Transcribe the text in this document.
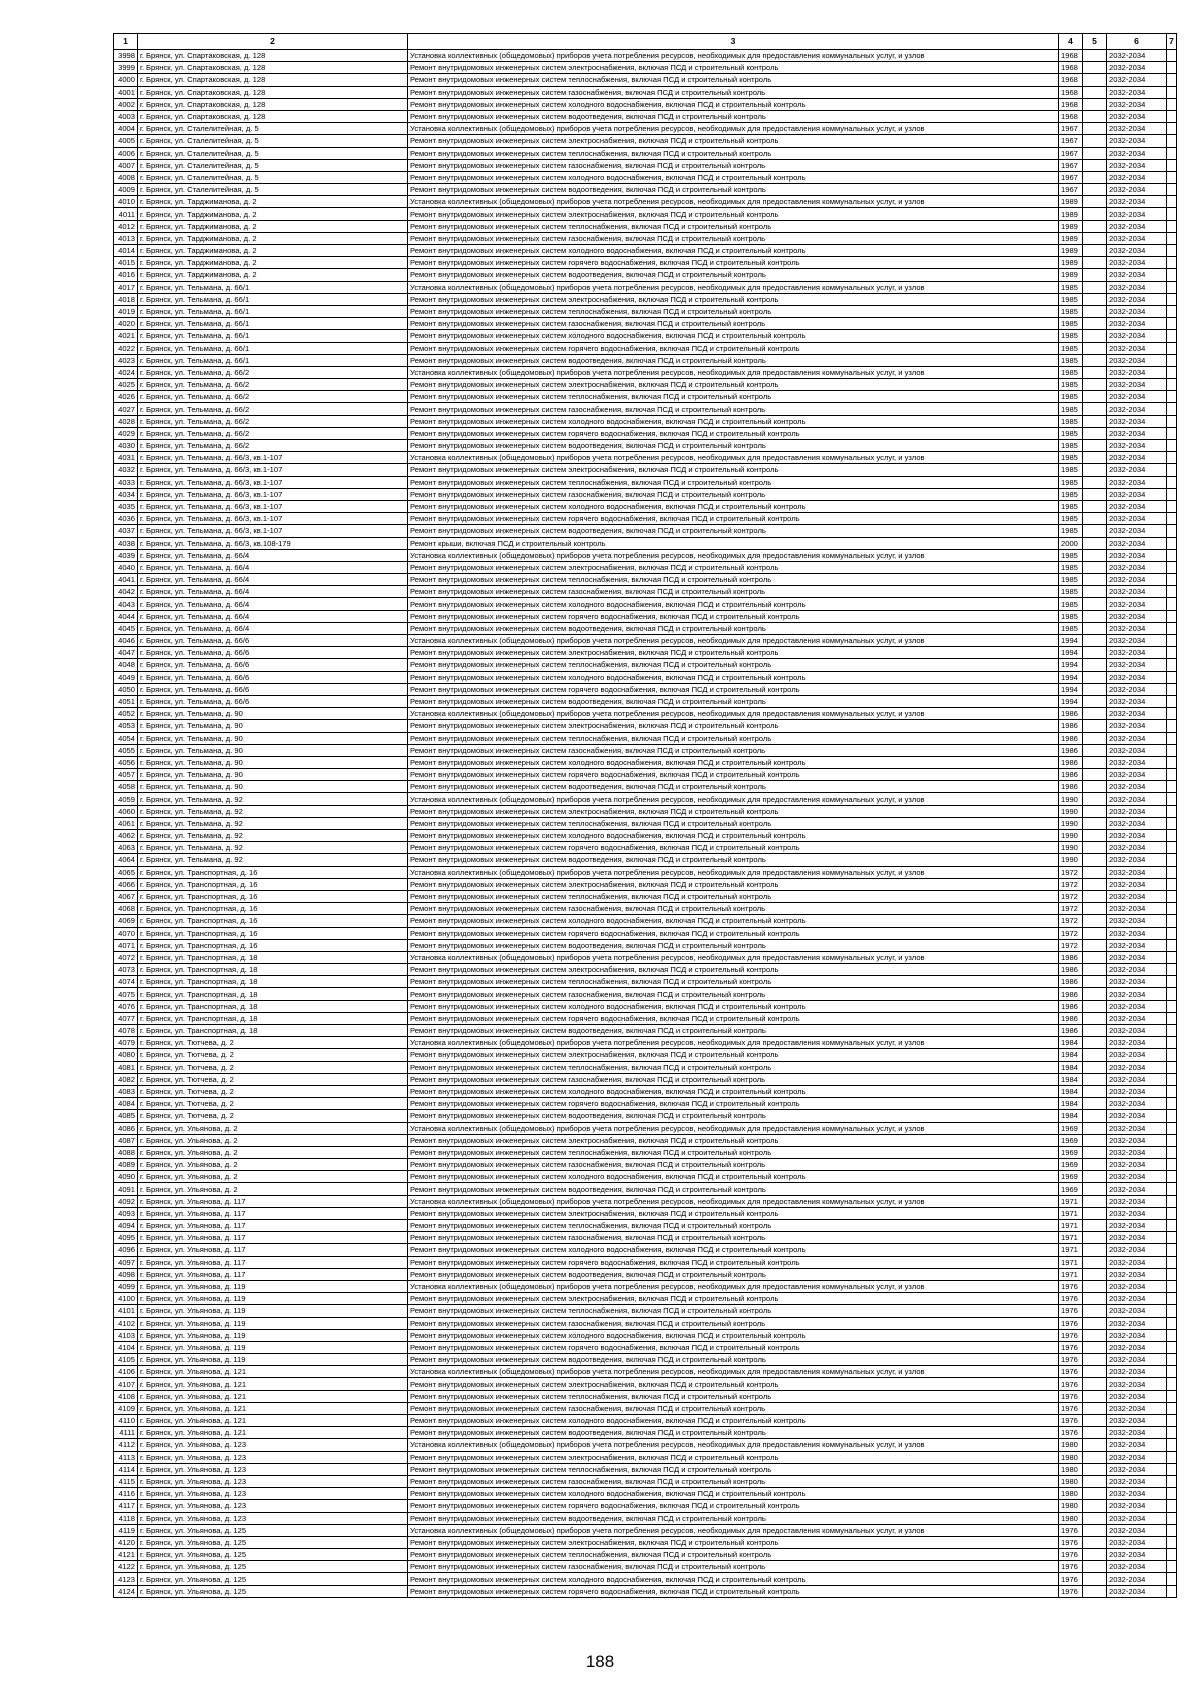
1	2	3	4	5	6	7
3998	г. Брянск, ул. Спартаковская, д. 128	Установка коллективных (общедомовых) приборов учета потребления ресурсов, необходимых для предоставления коммунальных услуг, и узлов	1968		2032-2034	
3999	г. Брянск, ул. Спартаковская, д. 128	Ремонт внутридомовых инженерных систем электроснабжения, включая ПСД и строительный контроль	1968		2032-2034	
4000	г. Брянск, ул. Спартаковская, д. 128	Ремонт внутридомовых инженерных систем теплоснабжения, включая ПСД и строительный контроль	1968		2032-2034	
4001	г. Брянск, ул. Спартаковская, д. 128	Ремонт внутридомовых инженерных систем газоснабжения, включая ПСД и строительный контроль	1968		2032-2034	
4002	г. Брянск, ул. Спартаковская, д. 128	Ремонт внутридомовых инженерных систем холодного водоснабжения, включая ПСД и строительный контроль	1968		2032-2034	
4003	г. Брянск, ул. Спартаковская, д. 128	Ремонт внутридомовых инженерных систем водоотведения, включая ПСД и строительный контроль	1968		2032-2034	
4004	г. Брянск, ул. Сталелитейная, д. 5	Установка коллективных (общедомовых) приборов учета потребления ресурсов, необходимых для предоставления коммунальных услуг, и узлов	1967		2032-2034	
4005	г. Брянск, ул. Сталелитейная, д. 5	Ремонт внутридомовых инженерных систем электроснабжения, включая ПСД и строительный контроль	1967		2032-2034	
4006	г. Брянск, ул. Сталелитейная, д. 5	Ремонт внутридомовых инженерных систем теплоснабжения, включая ПСД и строительный контроль	1967		2032-2034	
4007	г. Брянск, ул. Сталелитейная, д. 5	Ремонт внутридомовых инженерных систем газоснабжения, включая ПСД и строительный контроль	1967		2032-2034	
4008	г. Брянск, ул. Сталелитейная, д. 5	Ремонт внутридомовых инженерных систем холодного водоснабжения, включая ПСД и строительный контроль	1967		2032-2034	
4009	г. Брянск, ул. Сталелитейная, д. 5	Ремонт внутридомовых инженерных систем водоотведения, включая ПСД и строительный контроль	1967		2032-2034	
4010	г. Брянск, ул. Тарджиманова, д. 2	Установка коллективных (общедомовых) приборов учета потребления ресурсов, необходимых для предоставления коммунальных услуг, и узлов	1989		2032-2034	
4011	г. Брянск, ул. Тарджиманова, д. 2	Ремонт внутридомовых инженерных систем электроснабжения, включая ПСД и строительный контроль	1989		2032-2034	
4012	г. Брянск, ул. Тарджиманова, д. 2	Ремонт внутридомовых инженерных систем теплоснабжения, включая ПСД и строительный контроль	1989		2032-2034	
4013	г. Брянск, ул. Тарджиманова, д. 2	Ремонт внутридомовых инженерных систем газоснабжения, включая ПСД и строительный контроль	1989		2032-2034	
4014	г. Брянск, ул. Тарджиманова, д. 2	Ремонт внутридомовых инженерных систем холодного водоснабжения, включая ПСД и строительный контроль	1989		2032-2034	
4015	г. Брянск, ул. Тарджиманова, д. 2	Ремонт внутридомовых инженерных систем горячего водоснабжения, включая ПСД и строительный контроль	1989		2032-2034	
4016	г. Брянск, ул. Тарджиманова, д. 2	Ремонт внутридомовых инженерных систем водоотведения, включая ПСД и строительный контроль	1989		2032-2034	
4017	г. Брянск, ул. Тельмана, д. 66/1	Установка коллективных (общедомовых) приборов учета потребления ресурсов, необходимых для предоставления коммунальных услуг, и узлов	1985		2032-2034	
4018	г. Брянск, ул. Тельмана, д. 66/1	Ремонт внутридомовых инженерных систем электроснабжения, включая ПСД и строительный контроль	1985		2032-2034	
4019	г. Брянск, ул. Тельмана, д. 66/1	Ремонт внутридомовых инженерных систем теплоснабжения, включая ПСД и строительный контроль	1985		2032-2034	
4020	г. Брянск, ул. Тельмана, д. 66/1	Ремонт внутридомовых инженерных систем газоснабжения, включая ПСД и строительный контроль	1985		2032-2034	
4021	г. Брянск, ул. Тельмана, д. 66/1	Ремонт внутридомовых инженерных систем холодного водоснабжения, включая ПСД и строительный контроль	1985		2032-2034	
4022	г. Брянск, ул. Тельмана, д. 66/1	Ремонт внутридомовых инженерных систем горячего водоснабжения, включая ПСД и строительный контроль	1985		2032-2034	
4023	г. Брянск, ул. Тельмана, д. 66/1	Ремонт внутридомовых инженерных систем водоотведения, включая ПСД и строительный контроль	1985		2032-2034	
4024	г. Брянск, ул. Тельмана, д. 66/2	Установка коллективных (общедомовых) приборов учета потребления ресурсов, необходимых для предоставления коммунальных услуг, и узлов	1985		2032-2034	
4025	г. Брянск, ул. Тельмана, д. 66/2	Ремонт внутридомовых инженерных систем электроснабжения, включая ПСД и строительный контроль	1985		2032-2034	
4026	г. Брянск, ул. Тельмана, д. 66/2	Ремонт внутридомовых инженерных систем теплоснабжения, включая ПСД и строительный контроль	1985		2032-2034	
4027	г. Брянск, ул. Тельмана, д. 66/2	Ремонт внутридомовых инженерных систем газоснабжения, включая ПСД и строительный контроль	1985		2032-2034	
4028	г. Брянск, ул. Тельмана, д. 66/2	Ремонт внутридомовых инженерных систем холодного водоснабжения, включая ПСД и строительный контроль	1985		2032-2034	
4029	г. Брянск, ул. Тельмана, д. 66/2	Ремонт внутридомовых инженерных систем горячего водоснабжения, включая ПСД и строительный контроль	1985		2032-2034	
4030	г. Брянск, ул. Тельмана, д. 66/2	Ремонт внутридомовых инженерных систем водоотведения, включая ПСД и строительный контроль	1985		2032-2034	
4031	г. Брянск, ул. Тельмана, д. 66/3, кв.1-107	Установка коллективных (общедомовых) приборов учета потребления ресурсов, необходимых для предоставления коммунальных услуг, и узлов	1985		2032-2034	
4032	г. Брянск, ул. Тельмана, д. 66/3, кв.1-107	Ремонт внутридомовых инженерных систем электроснабжения, включая ПСД и строительный контроль	1985		2032-2034	
4033	г. Брянск, ул. Тельмана, д. 66/3, кв.1-107	Ремонт внутридомовых инженерных систем теплоснабжения, включая ПСД и строительный контроль	1985		2032-2034	
4034	г. Брянск, ул. Тельмана, д. 66/3, кв.1-107	Ремонт внутридомовых инженерных систем газоснабжения, включая ПСД и строительный контроль	1985		2032-2034	
4035	г. Брянск, ул. Тельмана, д. 66/3, кв.1-107	Ремонт внутридомовых инженерных систем холодного водоснабжения, включая ПСД и строительный контроль	1985		2032-2034	
4036	г. Брянск, ул. Тельмана, д. 66/3, кв.1-107	Ремонт внутридомовых инженерных систем горячего водоснабжения, включая ПСД и строительный контроль	1985		2032-2034	
4037	г. Брянск, ул. Тельмана, д. 66/3, кв.1-107	Ремонт внутридомовых инженерных систем водоотведения, включая ПСД и строительный контроль	1985		2032-2034	
4038	г. Брянск, ул. Тельмана, д. 66/3, кв.108-179	Ремонт крыши, включая ПСД и строительный контроль	2000		2032-2034	
4039	г. Брянск, ул. Тельмана, д. 66/4	Установка коллективных (общедомовых) приборов учета потребления ресурсов, необходимых для предоставления коммунальных услуг, и узлов	1985		2032-2034	
4040	г. Брянск, ул. Тельмана, д. 66/4	Ремонт внутридомовых инженерных систем электроснабжения, включая ПСД и строительный контроль	1985		2032-2034	
4041	г. Брянск, ул. Тельмана, д. 66/4	Ремонт внутридомовых инженерных систем теплоснабжения, включая ПСД и строительный контроль	1985		2032-2034	
4042	г. Брянск, ул. Тельмана, д. 66/4	Ремонт внутридомовых инженерных систем газоснабжения, включая ПСД и строительный контроль	1985		2032-2034	
4043	г. Брянск, ул. Тельмана, д. 66/4	Ремонт внутридомовых инженерных систем холодного водоснабжения, включая ПСД и строительный контроль	1985		2032-2034	
4044	г. Брянск, ул. Тельмана, д. 66/4	Ремонт внутридомовых инженерных систем горячего водоснабжения, включая ПСД и строительный контроль	1985		2032-2034	
4045	г. Брянск, ул. Тельмана, д. 66/4	Ремонт внутридомовых инженерных систем водоотведения, включая ПСД и строительный контроль	1985		2032-2034	
4046	г. Брянск, ул. Тельмана, д. 66/6	Установка коллективных (общедомовых) приборов учета потребления ресурсов, необходимых для предоставления коммунальных услуг, и узлов	1994		2032-2034	
4047	г. Брянск, ул. Тельмана, д. 66/6	Ремонт внутридомовых инженерных систем электроснабжения, включая ПСД и строительный контроль	1994		2032-2034	
4048	г. Брянск, ул. Тельмана, д. 66/6	Ремонт внутридомовых инженерных систем теплоснабжения, включая ПСД и строительный контроль	1994		2032-2034	
4049	г. Брянск, ул. Тельмана, д. 66/6	Ремонт внутридомовых инженерных систем холодного водоснабжения, включая ПСД и строительный контроль	1994		2032-2034	
4050	г. Брянск, ул. Тельмана, д. 66/6	Ремонт внутридомовых инженерных систем горячего водоснабжения, включая ПСД и строительный контроль	1994		2032-2034	
4051	г. Брянск, ул. Тельмана, д. 66/6	Ремонт внутридомовых инженерных систем водоотведения, включая ПСД и строительный контроль	1994		2032-2034	
4052	г. Брянск, ул. Тельмана, д. 90	Установка коллективных (общедомовых) приборов учета потребления ресурсов, необходимых для предоставления коммунальных услуг, и узлов	1986		2032-2034	
4053	г. Брянск, ул. Тельмана, д. 90	Ремонт внутридомовых инженерных систем электроснабжения, включая ПСД и строительный контроль	1986		2032-2034	
4054	г. Брянск, ул. Тельмана, д. 90	Ремонт внутридомовых инженерных систем теплоснабжения, включая ПСД и строительный контроль	1986		2032-2034	
4055	г. Брянск, ул. Тельмана, д. 90	Ремонт внутридомовых инженерных систем газоснабжения, включая ПСД и строительный контроль	1986		2032-2034	
4056	г. Брянск, ул. Тельмана, д. 90	Ремонт внутридомовых инженерных систем холодного водоснабжения, включая ПСД и строительный контроль	1986		2032-2034	
4057	г. Брянск, ул. Тельмана, д. 90	Ремонт внутридомовых инженерных систем горячего водоснабжения, включая ПСД и строительный контроль	1986		2032-2034	
4058	г. Брянск, ул. Тельмана, д. 90	Ремонт внутридомовых инженерных систем водоотведения, включая ПСД и строительный контроль	1986		2032-2034	
4059	г. Брянск, ул. Тельмана, д. 92	Установка коллективных (общедомовых) приборов учета потребления ресурсов, необходимых для предоставления коммунальных услуг, и узлов	1990		2032-2034	
4060	г. Брянск, ул. Тельмана, д. 92	Ремонт внутридомовых инженерных систем электроснабжения, включая ПСД и строительный контроль	1990		2032-2034	
4061	г. Брянск, ул. Тельмана, д. 92	Ремонт внутридомовых инженерных систем теплоснабжения, включая ПСД и строительный контроль	1990		2032-2034	
4062	г. Брянск, ул. Тельмана, д. 92	Ремонт внутридомовых инженерных систем холодного водоснабжения, включая ПСД и строительный контроль	1990		2032-2034	
4063	г. Брянск, ул. Тельмана, д. 92	Ремонт внутридомовых инженерных систем горячего водоснабжения, включая ПСД и строительный контроль	1990		2032-2034	
4064	г. Брянск, ул. Тельмана, д. 92	Ремонт внутридомовых инженерных систем водоотведения, включая ПСД и строительный контроль	1990		2032-2034	
4065	г. Брянск, ул. Транспортная, д. 16	Установка коллективных (общедомовых) приборов учета потребления ресурсов, необходимых для предоставления коммунальных услуг, и узлов	1972		2032-2034	
4066	г. Брянск, ул. Транспортная, д. 16	Ремонт внутридомовых инженерных систем электроснабжения, включая ПСД и строительный контроль	1972		2032-2034	
4067	г. Брянск, ул. Транспортная, д. 16	Ремонт внутридомовых инженерных систем теплоснабжения, включая ПСД и строительный контроль	1972		2032-2034	
4068	г. Брянск, ул. Транспортная, д. 16	Ремонт внутридомовых инженерных систем газоснабжения, включая ПСД и строительный контроль	1972		2032-2034	
4069	г. Брянск, ул. Транспортная, д. 16	Ремонт внутридомовых инженерных систем холодного водоснабжения, включая ПСД и строительный контроль	1972		2032-2034	
4070	г. Брянск, ул. Транспортная, д. 16	Ремонт внутридомовых инженерных систем горячего водоснабжения, включая ПСД и строительный контроль	1972		2032-2034	
4071	г. Брянск, ул. Транспортная, д. 16	Ремонт внутридомовых инженерных систем водоотведения, включая ПСД и строительный контроль	1972		2032-2034	
4072	г. Брянск, ул. Транспортная, д. 18	Установка коллективных (общедомовых) приборов учета потребления ресурсов, необходимых для предоставления коммунальных услуг, и узлов	1986		2032-2034	
4073	г. Брянск, ул. Транспортная, д. 18	Ремонт внутридомовых инженерных систем электроснабжения, включая ПСД и строительный контроль	1986		2032-2034	
4074	г. Брянск, ул. Транспортная, д. 18	Ремонт внутридомовых инженерных систем теплоснабжения, включая ПСД и строительный контроль	1986		2032-2034	
4075	г. Брянск, ул. Транспортная, д. 18	Ремонт внутридомовых инженерных систем газоснабжения, включая ПСД и строительный контроль	1986		2032-2034	
4076	г. Брянск, ул. Транспортная, д. 18	Ремонт внутридомовых инженерных систем холодного водоснабжения, включая ПСД и строительный контроль	1986		2032-2034	
4077	г. Брянск, ул. Транспортная, д. 18	Ремонт внутридомовых инженерных систем горячего водоснабжения, включая ПСД и строительный контроль	1986		2032-2034	
4078	г. Брянск, ул. Транспортная, д. 18	Ремонт внутридомовых инженерных систем водоотведения, включая ПСД и строительный контроль	1986		2032-2034	
4079	г. Брянск, ул. Тютчева, д. 2	Установка коллективных (общедомовых) приборов учета потребления ресурсов, необходимых для предоставления коммунальных услуг, и узлов	1984		2032-2034	
4080	г. Брянск, ул. Тютчева, д. 2	Ремонт внутридомовых инженерных систем электроснабжения, включая ПСД и строительный контроль	1984		2032-2034	
4081	г. Брянск, ул. Тютчева, д. 2	Ремонт внутридомовых инженерных систем теплоснабжения, включая ПСД и строительный контроль	1984		2032-2034	
4082	г. Брянск, ул. Тютчева, д. 2	Ремонт внутридомовых инженерных систем газоснабжения, включая ПСД и строительный контроль	1984		2032-2034	
4083	г. Брянск, ул. Тютчева, д. 2	Ремонт внутридомовых инженерных систем холодного водоснабжения, включая ПСД и строительный контроль	1984		2032-2034	
4084	г. Брянск, ул. Тютчева, д. 2	Ремонт внутридомовых инженерных систем горячего водоснабжения, включая ПСД и строительный контроль	1984		2032-2034	
4085	г. Брянск, ул. Тютчева, д. 2	Ремонт внутридомовых инженерных систем водоотведения, включая ПСД и строительный контроль	1984		2032-2034	
4086	г. Брянск, ул. Ульянова, д. 2	Установка коллективных (общедомовых) приборов учета потребления ресурсов, необходимых для предоставления коммунальных услуг, и узлов	1969		2032-2034	
4087	г. Брянск, ул. Ульянова, д. 2	Ремонт внутридомовых инженерных систем электроснабжения, включая ПСД и строительный контроль	1969		2032-2034	
4088	г. Брянск, ул. Ульянова, д. 2	Ремонт внутридомовых инженерных систем теплоснабжения, включая ПСД и строительный контроль	1969		2032-2034	
4089	г. Брянск, ул. Ульянова, д. 2	Ремонт внутридомовых инженерных систем газоснабжения, включая ПСД и строительный контроль	1969		2032-2034	
4090	г. Брянск, ул. Ульянова, д. 2	Ремонт внутридомовых инженерных систем холодного водоснабжения, включая ПСД и строительный контроль	1969		2032-2034	
4091	г. Брянск, ул. Ульянова, д. 2	Ремонт внутридомовых инженерных систем водоотведения, включая ПСД и строительный контроль	1969		2032-2034	
4092	г. Брянск, ул. Ульянова, д. 117	Установка коллективных (общедомовых) приборов учета потребления ресурсов, необходимых для предоставления коммунальных услуг, и узлов	1971		2032-2034	
4093	г. Брянск, ул. Ульянова, д. 117	Ремонт внутридомовых инженерных систем электроснабжения, включая ПСД и строительный контроль	1971		2032-2034	
4094	г. Брянск, ул. Ульянова, д. 117	Ремонт внутридомовых инженерных систем теплоснабжения, включая ПСД и строительный контроль	1971		2032-2034	
4095	г. Брянск, ул. Ульянова, д. 117	Ремонт внутридомовых инженерных систем газоснабжения, включая ПСД и строительный контроль	1971		2032-2034	
4096	г. Брянск, ул. Ульянова, д. 117	Ремонт внутридомовых инженерных систем холодного водоснабжения, включая ПСД и строительный контроль	1971		2032-2034	
4097	г. Брянск, ул. Ульянова, д. 117	Ремонт внутридомовых инженерных систем горячего водоснабжения, включая ПСД и строительный контроль	1971		2032-2034	
4098	г. Брянск, ул. Ульянова, д. 117	Ремонт внутридомовых инженерных систем водоотведения, включая ПСД и строительный контроль	1971		2032-2034	
4099	г. Брянск, ул. Ульянова, д. 119	Установка коллективных (общедомовых) приборов учета потребления ресурсов, необходимых для предоставления коммунальных услуг, и узлов	1976		2032-2034	
4100	г. Брянск, ул. Ульянова, д. 119	Ремонт внутридомовых инженерных систем электроснабжения, включая ПСД и строительный контроль	1976		2032-2034	
4101	г. Брянск, ул. Ульянова, д. 119	Ремонт внутридомовых инженерных систем теплоснабжения, включая ПСД и строительный контроль	1976		2032-2034	
4102	г. Брянск, ул. Ульянова, д. 119	Ремонт внутридомовых инженерных систем газоснабжения, включая ПСД и строительный контроль	1976		2032-2034	
4103	г. Брянск, ул. Ульянова, д. 119	Ремонт внутридомовых инженерных систем холодного водоснабжения, включая ПСД и строительный контроль	1976		2032-2034	
4104	г. Брянск, ул. Ульянова, д. 119	Ремонт внутридомовых инженерных систем горячего водоснабжения, включая ПСД и строительный контроль	1976		2032-2034	
4105	г. Брянск, ул. Ульянова, д. 119	Ремонт внутридомовых инженерных систем водоотведения, включая ПСД и строительный контроль	1976		2032-2034	
4106	г. Брянск, ул. Ульянова, д. 121	Установка коллективных (общедомовых) приборов учета потребления ресурсов, необходимых для предоставления коммунальных услуг, и узлов	1976		2032-2034	
4107	г. Брянск, ул. Ульянова, д. 121	Ремонт внутридомовых инженерных систем электроснабжения, включая ПСД и строительный контроль	1976		2032-2034	
4108	г. Брянск, ул. Ульянова, д. 121	Ремонт внутридомовых инженерных систем теплоснабжения, включая ПСД и строительный контроль	1976		2032-2034	
4109	г. Брянск, ул. Ульянова, д. 121	Ремонт внутридомовых инженерных систем газоснабжения, включая ПСД и строительный контроль	1976		2032-2034	
4110	г. Брянск, ул. Ульянова, д. 121	Ремонт внутридомовых инженерных систем холодного водоснабжения, включая ПСД и строительный контроль	1976		2032-2034	
4111	г. Брянск, ул. Ульянова, д. 121	Ремонт внутридомовых инженерных систем водоотведения, включая ПСД и строительный контроль	1976		2032-2034	
4112	г. Брянск, ул. Ульянова, д. 123	Установка коллективных (общедомовых) приборов учета потребления ресурсов, необходимых для предоставления коммунальных услуг, и узлов	1980		2032-2034	
4113	г. Брянск, ул. Ульянова, д. 123	Ремонт внутридомовых инженерных систем электроснабжения, включая ПСД и строительный контроль	1980		2032-2034	
4114	г. Брянск, ул. Ульянова, д. 123	Ремонт внутридомовых инженерных систем теплоснабжения, включая ПСД и строительный контроль	1980		2032-2034	
4115	г. Брянск, ул. Ульянова, д. 123	Ремонт внутридомовых инженерных систем газоснабжения, включая ПСД и строительный контроль	1980		2032-2034	
4116	г. Брянск, ул. Ульянова, д. 123	Ремонт внутридомовых инженерных систем холодного водоснабжения, включая ПСД и строительный контроль	1980		2032-2034	
4117	г. Брянск, ул. Ульянова, д. 123	Ремонт внутридомовых инженерных систем горячего водоснабжения, включая ПСД и строительный контроль	1980		2032-2034	
4118	г. Брянск, ул. Ульянова, д. 123	Ремонт внутридомовых инженерных систем водоотведения, включая ПСД и строительный контроль	1980		2032-2034	
4119	г. Брянск, ул. Ульянова, д. 125	Установка коллективных (общедомовых) приборов учета потребления ресурсов, необходимых для предоставления коммунальных услуг, и узлов	1976		2032-2034	
4120	г. Брянск, ул. Ульянова, д. 125	Ремонт внутридомовых инженерных систем электроснабжения, включая ПСД и строительный контроль	1976		2032-2034	
4121	г. Брянск, ул. Ульянова, д. 125	Ремонт внутридомовых инженерных систем теплоснабжения, включая ПСД и строительный контроль	1976		2032-2034	
4122	г. Брянск, ул. Ульянова, д. 125	Ремонт внутридомовых инженерных систем газоснабжения, включая ПСД и строительный контроль	1976		2032-2034	
4123	г. Брянск, ул. Ульянова, д. 125	Ремонт внутридомовых инженерных систем холодного водоснабжения, включая ПСД и строительный контроль	1976		2032-2034	
4124	г. Брянск, ул. Ульянова, д. 125	Ремонт внутридомовых инженерных систем горячего водоснабжения, включая ПСД и строительный контроль	1976		2032-2034	
188
